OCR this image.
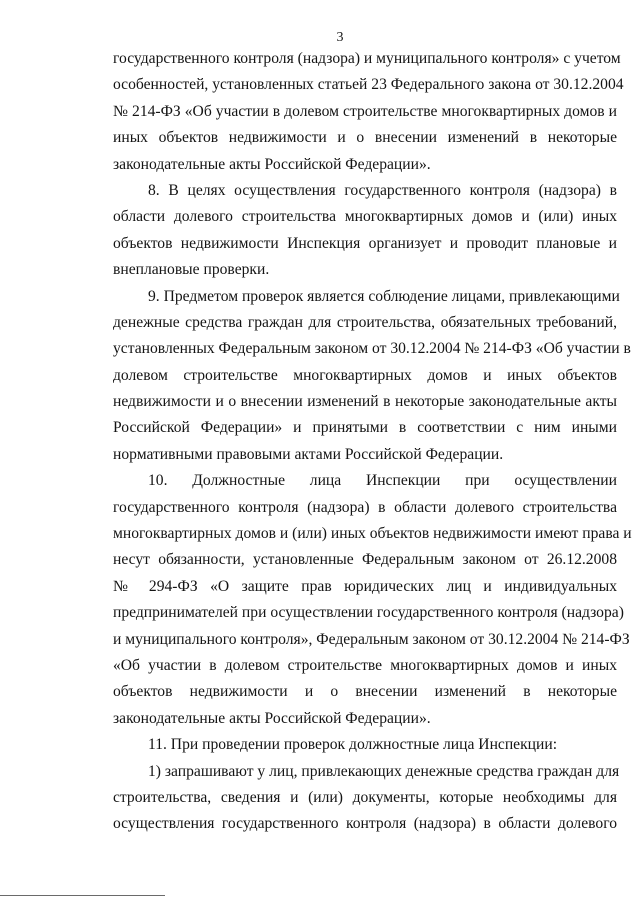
3
государственного контроля (надзора) и муниципального контроля» с учетом
особенностей, установленных статьей 23 Федерального закона от 30.12.2004
№ 214-ФЗ «Об участии в долевом строительстве многоквартирных домов и
иных объектов недвижимости и о внесении изменений в некоторые
законодательные акты Российской Федерации».
8. В целях осуществления государственного контроля (надзора) в
области долевого строительства многоквартирных домов и (или) иных
объектов недвижимости Инспекция организует и проводит плановые и
внеплановые проверки.
9. Предметом проверок является соблюдение лицами, привлекающими
денежные средства граждан для строительства, обязательных требований,
установленных Федеральным законом от 30.12.2004 № 214-ФЗ «Об участии в
долевом строительстве многоквартирных домов и иных объектов
недвижимости и о внесении изменений в некоторые законодательные акты
Российской Федерации» и принятыми в соответствии с ним иными
нормативными правовыми актами Российской Федерации.
10. Должностные лица Инспекции при осуществлении
государственного контроля (надзора) в области долевого строительства
многоквартирных домов и (или) иных объектов недвижимости имеют права и
несут обязанности, установленные Федеральным законом от 26.12.2008
№ 294-ФЗ «О защите прав юридических лиц и индивидуальных
предпринимателей при осуществлении государственного контроля (надзора)
и муниципального контроля», Федеральным законом от 30.12.2004 № 214-ФЗ
«Об участии в долевом строительстве многоквартирных домов и иных
объектов недвижимости и о внесении изменений в некоторые
законодательные акты Российской Федерации».
11. При проведении проверок должностные лица Инспекции:
1) запрашивают у лиц, привлекающих денежные средства граждан для
строительства, сведения и (или) документы, которые необходимы для
осуществления государственного контроля (надзора) в области долевого
